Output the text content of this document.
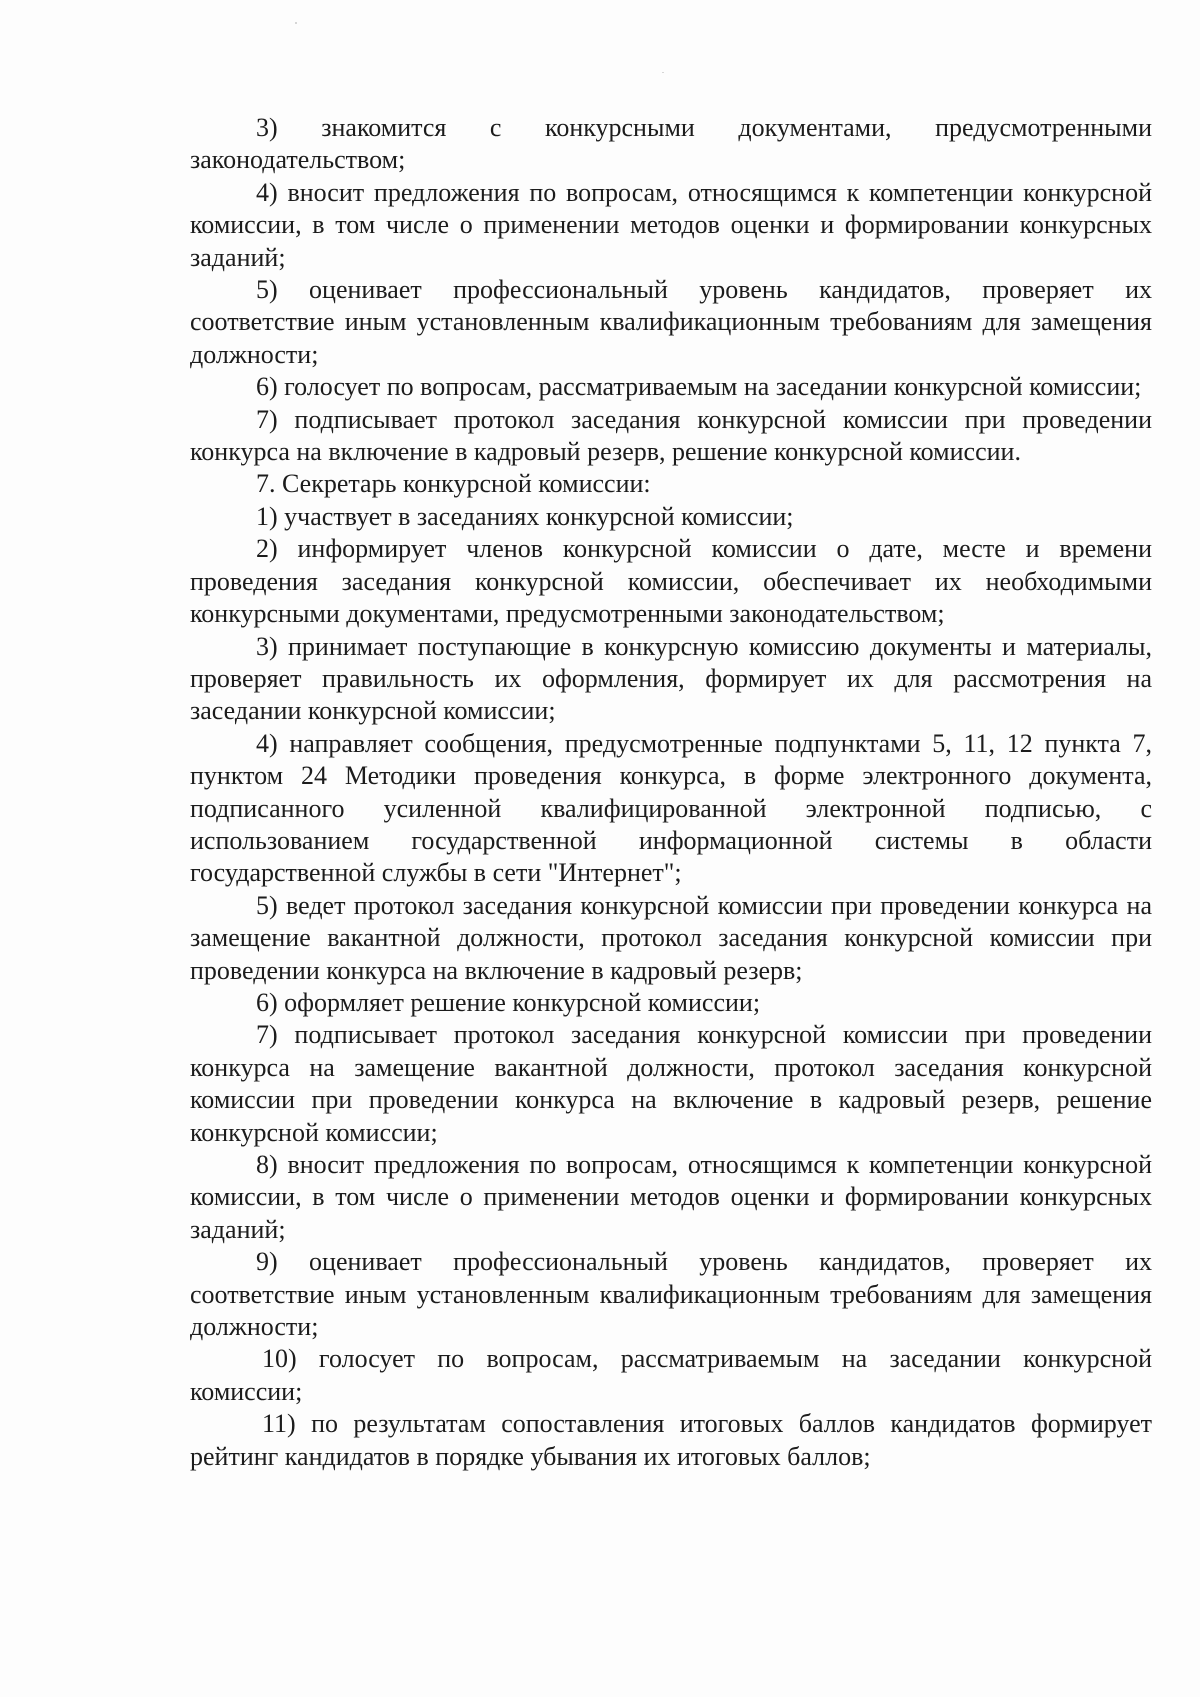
3) знакомится с конкурсными документами, предусмотренными законодательством;

4) вносит предложения по вопросам, относящимся к компетенции конкурсной комиссии, в том числе о применении методов оценки и формировании конкурсных заданий;

5) оценивает профессиональный уровень кандидатов, проверяет их соответствие иным установленным квалификационным требованиям для замещения должности;

6) голосует по вопросам, рассматриваемым на заседании конкурсной комиссии;

7) подписывает протокол заседания конкурсной комиссии при проведении конкурса на включение в кадровый резерв, решение конкурсной комиссии.

7. Секретарь конкурсной комиссии:

1) участвует в заседаниях конкурсной комиссии;

2) информирует членов конкурсной комиссии о дате, месте и времени проведения заседания конкурсной комиссии, обеспечивает их необходимыми конкурсными документами, предусмотренными законодательством;

3) принимает поступающие в конкурсную комиссию документы и материалы, проверяет правильность их оформления, формирует их для рассмотрения на заседании конкурсной комиссии;

4) направляет сообщения, предусмотренные подпунктами 5, 11, 12 пункта 7, пунктом 24 Методики проведения конкурса, в форме электронного документа, подписанного усиленной квалифицированной электронной подписью, с использованием государственной информационной системы в области государственной службы в сети "Интернет";

5) ведет протокол заседания конкурсной комиссии при проведении конкурса на замещение вакантной должности, протокол заседания конкурсной комиссии при проведении конкурса на включение в кадровый резерв;

6) оформляет решение конкурсной комиссии;

7) подписывает протокол заседания конкурсной комиссии при проведении конкурса на замещение вакантной должности, протокол заседания конкурсной комиссии при проведении конкурса на включение в кадровый резерв, решение конкурсной комиссии;

8) вносит предложения по вопросам, относящимся к компетенции конкурсной комиссии, в том числе о применении методов оценки и формировании конкурсных заданий;

9) оценивает профессиональный уровень кандидатов, проверяет их соответствие иным установленным квалификационным требованиям для замещения должности;

10) голосует по вопросам, рассматриваемым на заседании конкурсной комиссии;

11) по результатам сопоставления итоговых баллов кандидатов формирует рейтинг кандидатов в порядке убывания их итоговых баллов;
